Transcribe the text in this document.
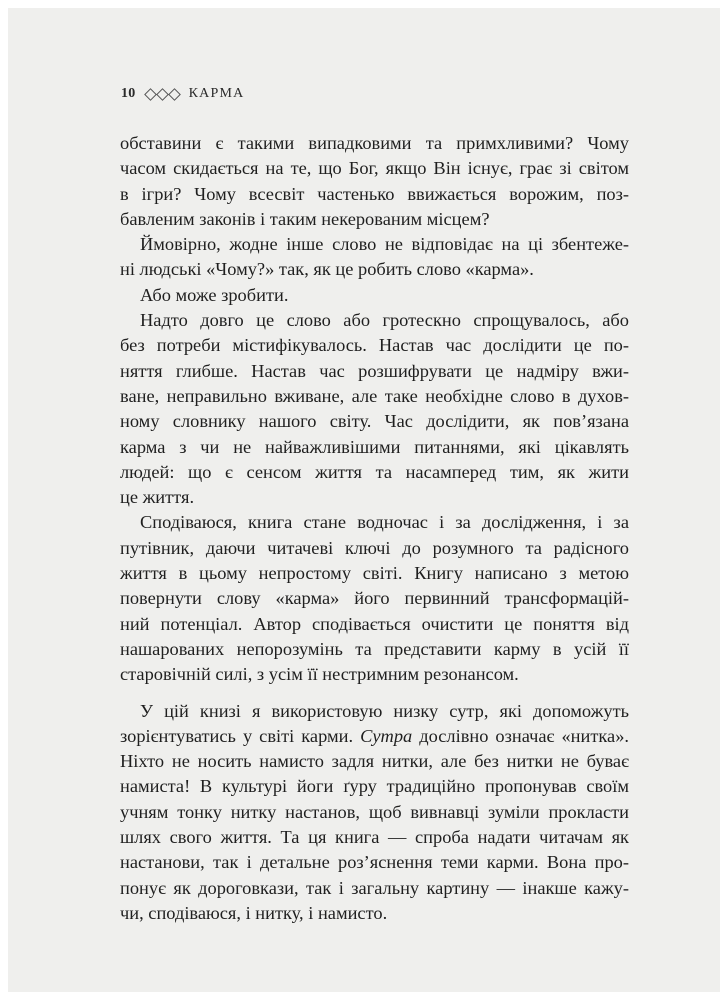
10	КАРМА

обставини є такими випадковими та примхливими? Чому
часом скидається на те, що Бог, якщо Він існує, грає зі світом
в ігри? Чому всесвіт частенько ввижається ворожим, поз-
бавленим законів і таким некерованим місцем?

Ймовірно, жодне інше слово не відповідає на ці збентеже-
ні людські «Чому?» так, як це робить слово «карма».

Або може зробити.

Надто довго це слово або гротескно спрощувалось, або
без потреби містифікувалось. Настав час дослідити це по-
няття глибше. Настав час розшифрувати це надміру вжи-
ване, неправильно вживане, але таке необхідне слово в духов-
ному словнику нашого світу. Час дослідити, як пов’язана
карма з чи не найважливішими питаннями, які цікавлять
людей: що є сенсом життя та насамперед тим, як жити
це життя.

Сподіваюся, книга стане водночас і за дослідження, і за
путівник, даючи читачеві ключі до розумного та радісного
життя в цьому непростому світі. Книгу написано з метою
повернути слову «карма» його первинний трансформацій-
ний потенціал. Автор сподівається очистити це поняття від
нашарованих непорозумінь та представити карму в усій її
старовічній силі, з усім її нестримним резонансом.

У цій книзі я використовую низку сутр, які допоможуть
зорієнтуватись у світі карми. Сутра дослівно означає «нитка».
Ніхто не носить намисто задля нитки, але без нитки не буває
намиста! В культурі йоги ґуру традиційно пропонував своїм
учням тонку нитку настанов, щоб вивнавці зуміли прокласти
шлях свого життя. Та ця книга — спроба надати читачам як
настанови, так і детальне роз’яснення теми карми. Вона про-
понує як дороговкази, так і загальну картину — інакше кажу-
чи, сподіваюся, і нитку, і намисто.
